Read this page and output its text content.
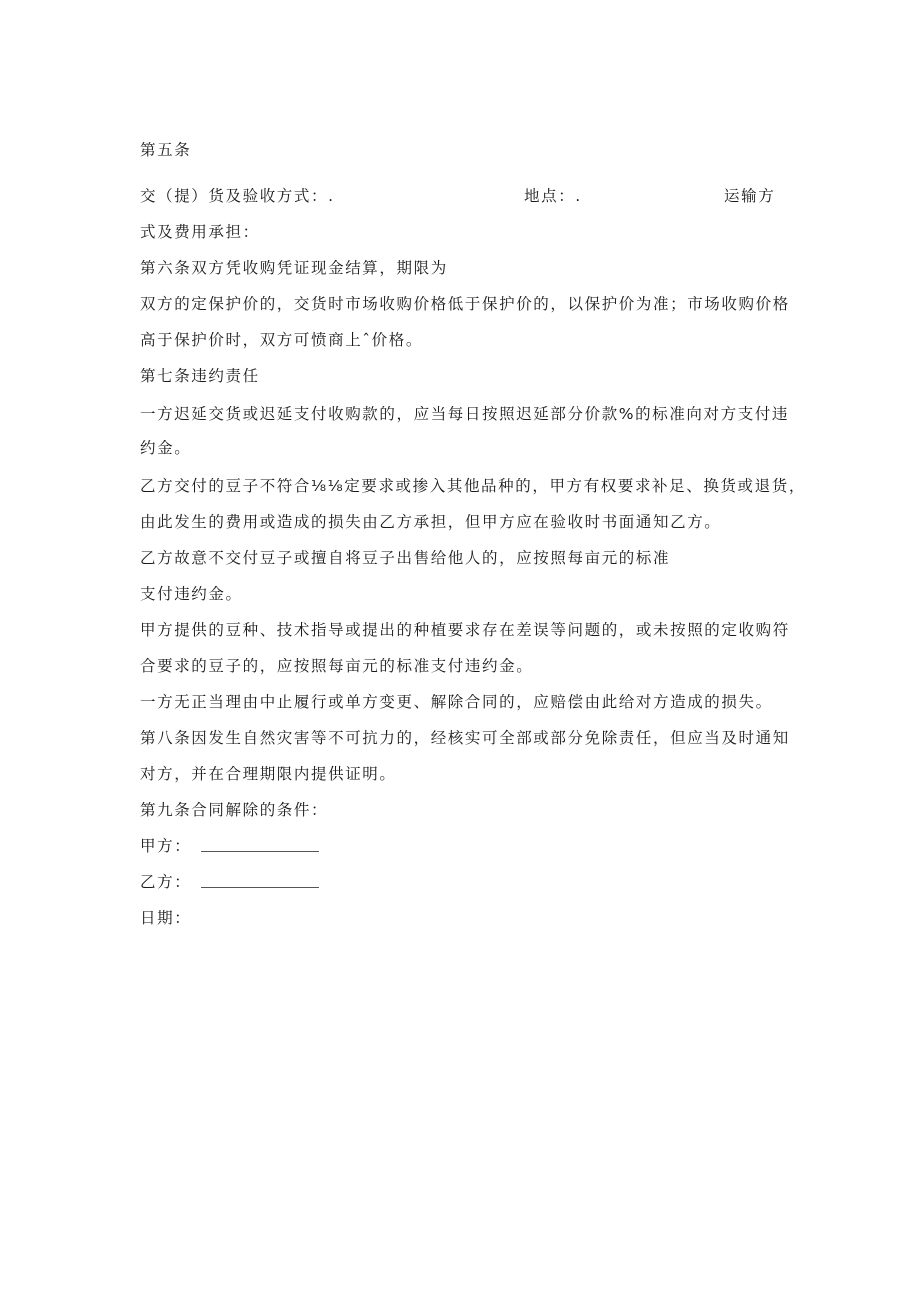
第五条
交（提）货及验收方式：.	地点：.	运输方
式及费用承担：
第六条双方凭收购凭证现金结算，期限为
双方的定保护价的，交货时市场收购价格低于保护价的，以保护价为准；市场收购价格
高于保护价时，双方可愤商上ˆ价格。
第七条违约责任
一方迟延交货或迟延支付收购款的，应当每日按照迟延部分价款%的标准向对方支付违
约金。
乙方交付的豆子不符合⅛⅛定要求或掺入其他品种的，甲方有权要求补足、换货或退货，
由此发生的费用或造成的损失由乙方承担，但甲方应在验收时书面通知乙方。
乙方故意不交付豆子或擅自将豆子出售给他人的，应按照每亩元的标准
支付违约金。
甲方提供的豆种、技术指导或提出的种植要求存在差误等问题的，或未按照的定收购符
合要求的豆子的，应按照每亩元的标准支付违约金。
一方无正当理由中止履行或单方变更、解除合同的，应赔偿由此给对方造成的损失。
第八条因发生自然灾害等不可抗力的，经核实可全部或部分免除责任，但应当及时通知
对方，并在合理期限内提供证明。
第九条合同解除的条件：
甲方：
乙方：
日期：
